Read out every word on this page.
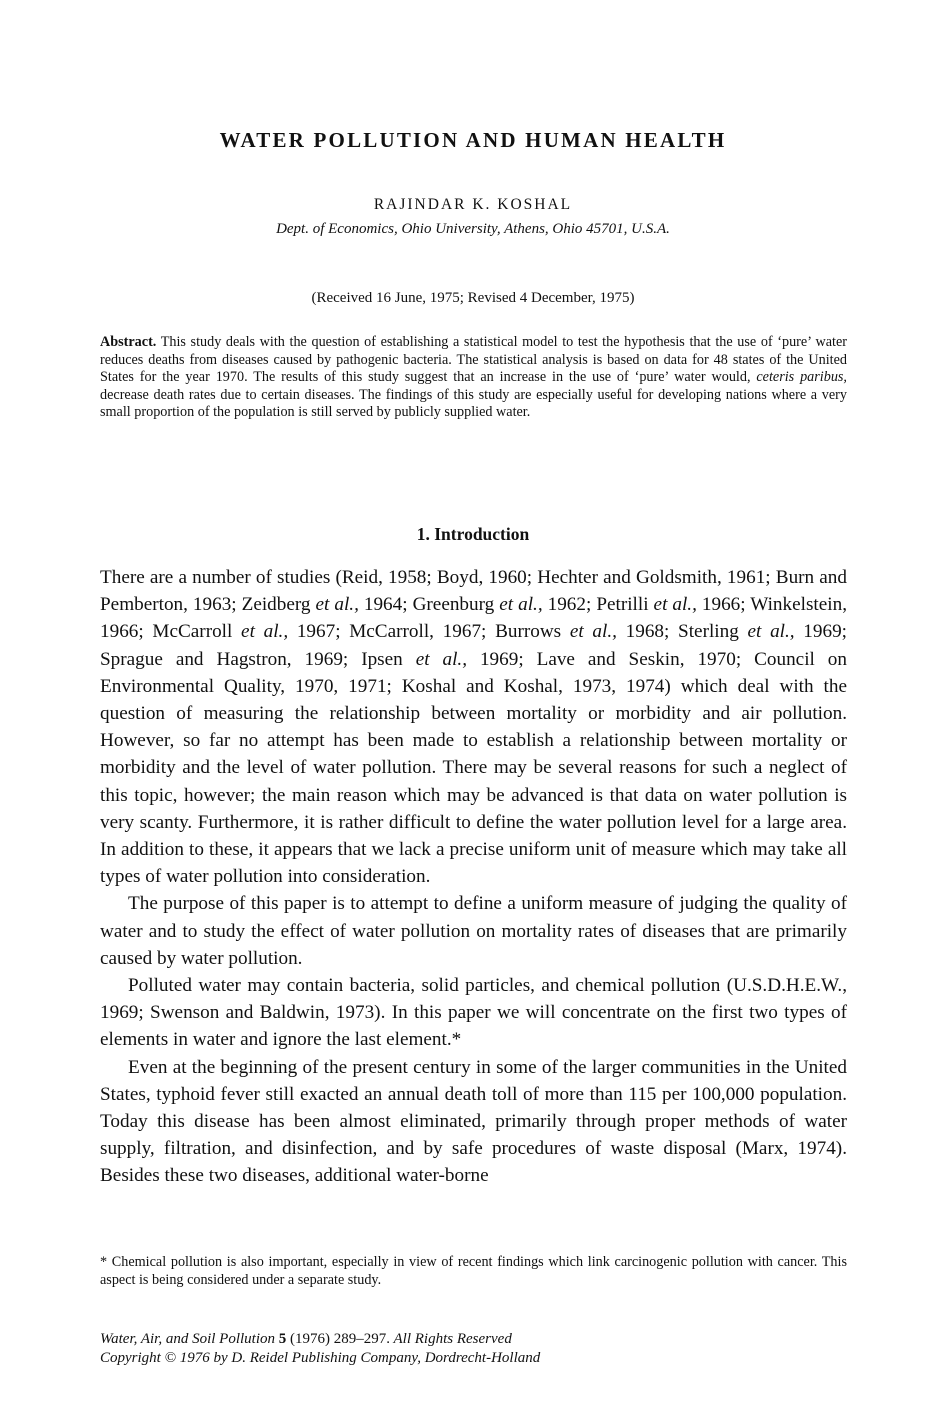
WATER POLLUTION AND HUMAN HEALTH
RAJINDAR K. KOSHAL
Dept. of Economics, Ohio University, Athens, Ohio 45701, U.S.A.
(Received 16 June, 1975; Revised 4 December, 1975)

Abstract. This study deals with the question of establishing a statistical model to test the hypothesis that the use of ‘pure’ water reduces deaths from diseases caused by pathogenic bacteria. The statistical analysis is based on data for 48 states of the United States for the year 1970. The results of this study suggest that an increase in the use of ‘pure’ water would, ceteris paribus, decrease death rates due to certain diseases. The findings of this study are especially useful for developing nations where a very small proportion of the population is still served by publicly supplied water.

1. Introduction

There are a number of studies (Reid, 1958; Boyd, 1960; Hechter and Goldsmith, 1961; Burn and Pemberton, 1963; Zeidberg et al., 1964; Greenburg et al., 1962; Petrilli et al., 1966; Winkelstein, 1966; McCarroll et al., 1967; McCarroll, 1967; Burrows et al., 1968; Sterling et al., 1969; Sprague and Hagstron, 1969; Ipsen et al., 1969; Lave and Seskin, 1970; Council on Environmental Quality, 1970, 1971; Koshal and Koshal, 1973, 1974) which deal with the question of measuring the relationship between mortality or morbidity and air pollution. However, so far no attempt has been made to establish a relationship between mortality or morbidity and the level of water pollution. There may be several reasons for such a neglect of this topic, however; the main reason which may be advanced is that data on water pollution is very scanty. Furthermore, it is rather difficult to define the water pollution level for a large area. In addition to these, it appears that we lack a precise uniform unit of measure which may take all types of water pollution into consideration.

The purpose of this paper is to attempt to define a uniform measure of judging the quality of water and to study the effect of water pollution on mortality rates of diseases that are primarily caused by water pollution.

Polluted water may contain bacteria, solid particles, and chemical pollution (U.S.D.H.E.W., 1969; Swenson and Baldwin, 1973). In this paper we will concentrate on the first two types of elements in water and ignore the last element.*

Even at the beginning of the present century in some of the larger communities in the United States, typhoid fever still exacted an annual death toll of more than 115 per 100,000 population. Today this disease has been almost eliminated, primarily through proper methods of water supply, filtration, and disinfection, and by safe procedures of waste disposal (Marx, 1974). Besides these two diseases, additional water-borne

* Chemical pollution is also important, especially in view of recent findings which link carcinogenic pollution with cancer. This aspect is being considered under a separate study.

Water, Air, and Soil Pollution 5 (1976) 289–297. All Rights Reserved
Copyright © 1976 by D. Reidel Publishing Company, Dordrecht-Holland
